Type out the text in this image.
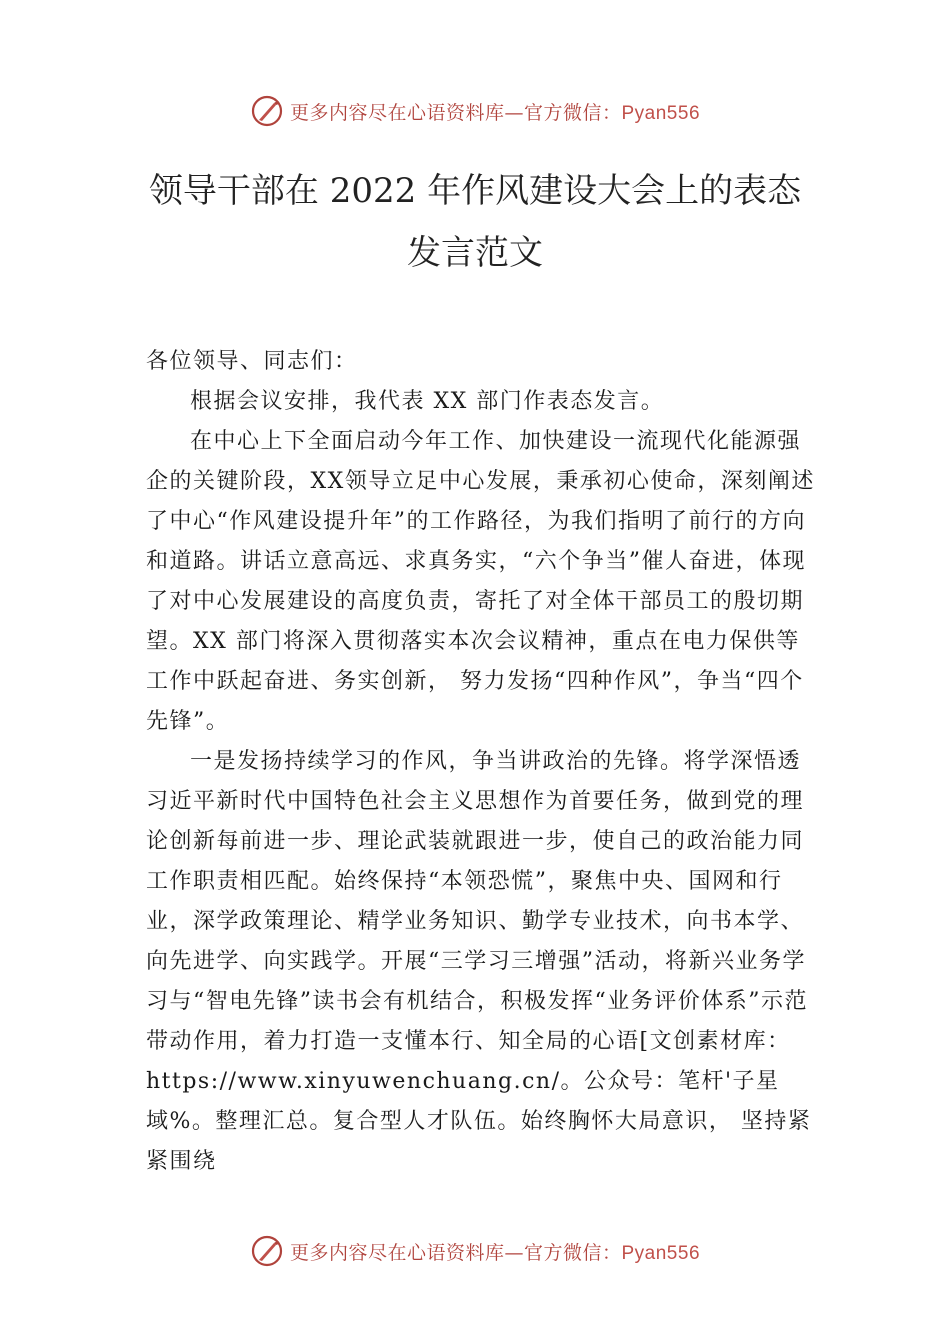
更多内容尽在心语资料库—官方微信：Pyan556
领导干部在 2022 年作风建设大会上的表态
发言范文

各位领导、同志们：

根据会议安排，我代表 XX 部门作表态发言。

在中心上下全面启动今年工作、加快建设一流现代化能源强企的关键阶段，XX领导立足中心发展，秉承初心使命，深刻阐述了中心“作风建设提升年”的工作路径，为我们指明了前行的方向和道路。讲话立意高远、求真务实，“六个争当”催人奋进，体现了对中心发展建设的高度负责，寄托了对全体干部员工的殷切期望。XX 部门将深入贯彻落实本次会议精神，重点在电力保供等工作中跃起奋进、务实创新， 努力发扬“四种作风”，争当“四个先锋”。

一是发扬持续学习的作风，争当讲政治的先锋。将学深悟透习近平新时代中国特色社会主义思想作为首要任务，做到党的理论创新每前进一步、理论武装就跟进一步，使自己的政治能力同工作职责相匹配。始终保持“本领恐慌”，聚焦中央、国网和行业，深学政策理论、精学业务知识、勤学专业技术，向书本学、向先进学、向实践学。开展“三学习三增强”活动，将新兴业务学习与“智电先锋”读书会有机结合，积极发挥“业务评价体系”示范带动作用，着力打造一支懂本行、知全局的心语[文创素材库：https://www.xinyuwenchuang.cn/。公众号：笔杆'子星域%。整理汇总。复合型人才队伍。始终胸怀大局意识， 坚持紧紧围绕

更多内容尽在心语资料库—官方微信：Pyan556
